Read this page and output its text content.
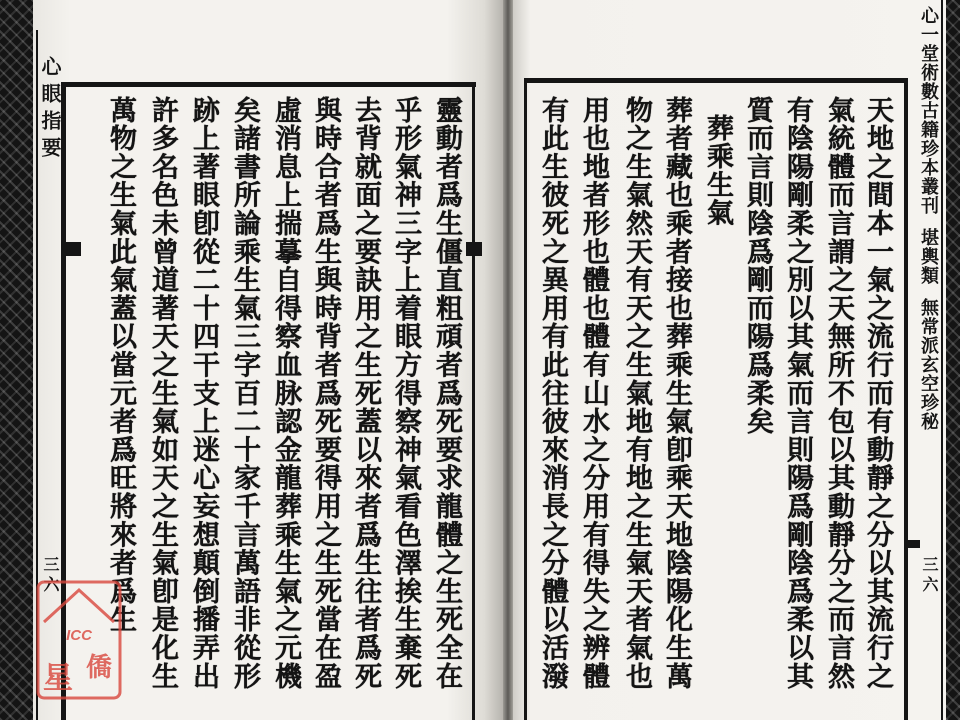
心眼指要
三六	靈動者爲生僵直粗頑者爲死要求龍體之生死全在
乎形氣神三字上着眼方得察神氣看色澤挨生棄死
去背就面之要訣用之生死蓋以來者爲生往者爲死
與時合者爲生與時背者爲死要得用之生死當在盈
虛消息上揣摹自得察血脉認金龍葬乘生氣之元機
矣諸書所論乘生氣三字百二十家千言萬語非從形
跡上著眼卽從二十四干支上迷心妄想顛倒播弄出
許多名色未曾道著天之生氣如天之生氣卽是化生
萬物之生氣此氣蓋以當元者爲旺將來者爲生	天地之間本一氣之流行而有動靜之分以其流行之
氣統體而言謂之天無所不包以其動靜分之而言然
有陰陽剛柔之別以其氣而言則陽爲剛陰爲柔以其
質而言則陰爲剛而陽爲柔矣
葬乘生氣
葬者藏也乘者接也葬乘生氣卽乘天地陰陽化生萬
物之生氣然天有天之生氣地有地之生氣天者氣也
用也地者形也體也體有山水之分用有得失之辨體
有此生彼死之異用有此往彼來消長之分體以活潑	心一堂術數古籍珍本叢刊
堪輿類
無常派玄空珍秘
三六
ICC
星 僑
